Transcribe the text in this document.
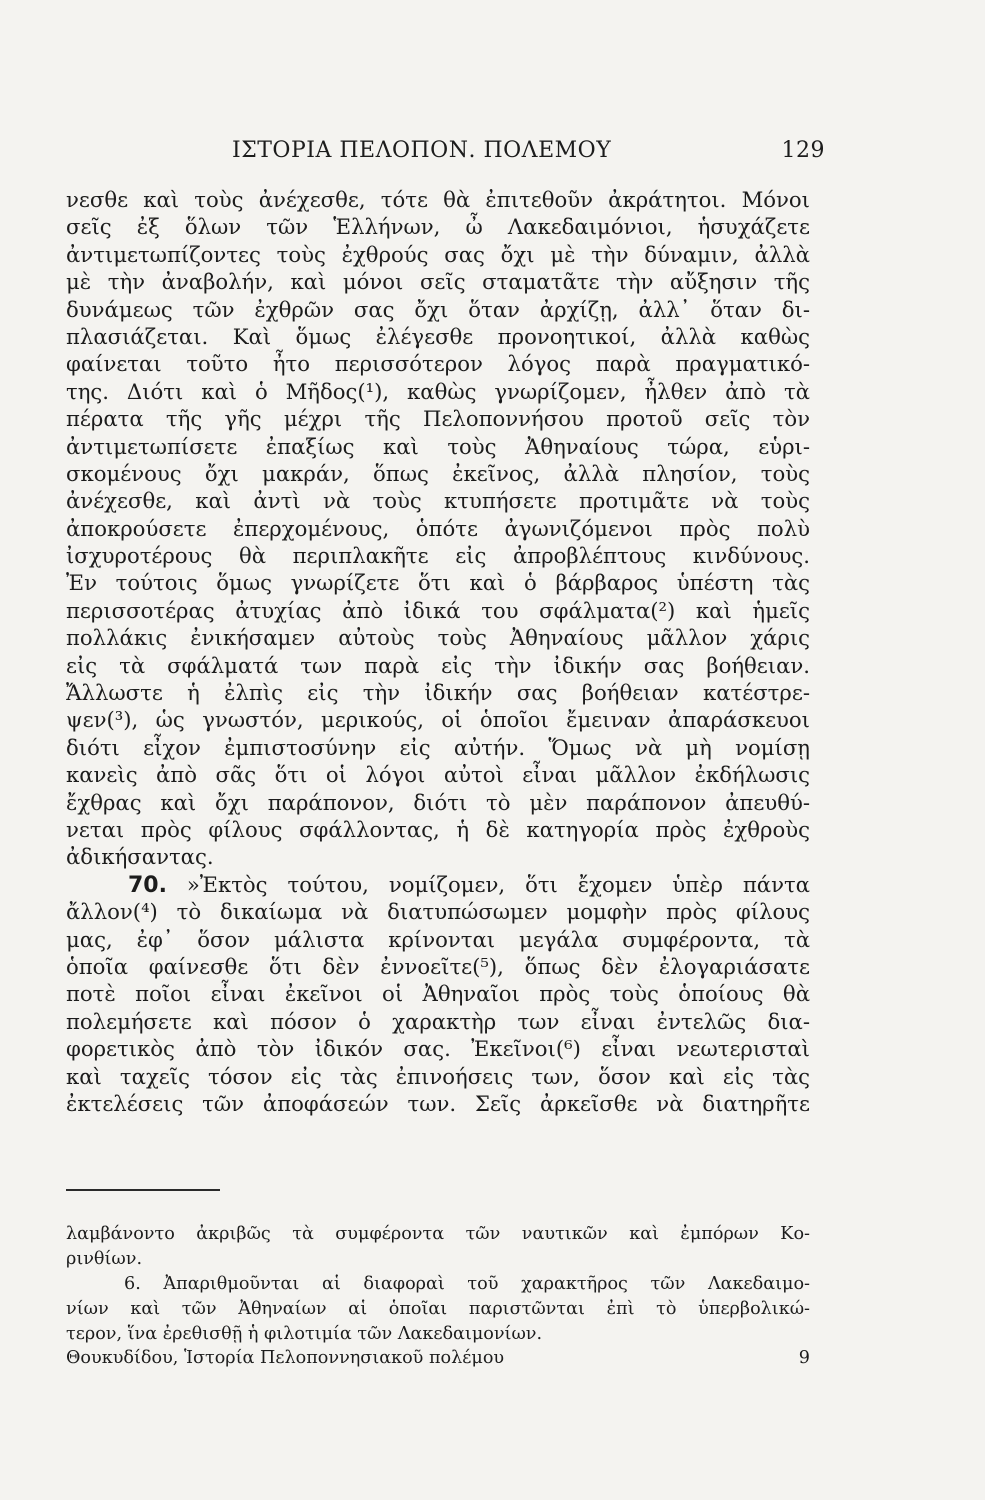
ΙΣΤΟΡΙΑ ΠΕΛΟΠΟΝ. ΠΟΛΕΜΟΥ	129
νεσθε καὶ τοὺς ἀνέχεσθε, τότε θὰ ἐπιτεθοῦν ἀκράτητοι. Μόνοι
σεῖς ἐξ ὅλων τῶν Ἑλλήνων, ὦ Λακεδαιμόνιοι, ἡσυχάζετε
ἀντιμετωπίζοντες τοὺς ἐχθρούς σας ὄχι μὲ τὴν δύναμιν, ἀλλὰ
μὲ τὴν ἀναβολήν, καὶ μόνοι σεῖς σταματᾶτε τὴν αὔξησιν τῆς
δυνάμεως τῶν ἐχθρῶν σας ὄχι ὅταν ἀρχίζῃ, ἀλλ᾽ ὅταν δι-
πλασιάζεται. Καὶ ὅμως ἐλέγεσθε προνοητικοί, ἀλλὰ καθὼς
φαίνεται τοῦτο ἦτο περισσότερον λόγος παρὰ πραγματικό-
της. Διότι καὶ ὁ Μῆδος(¹), καθὼς γνωρίζομεν, ἦλθεν ἀπὸ τὰ
πέρατα τῆς γῆς μέχρι τῆς Πελοποννήσου προτοῦ σεῖς τὸν
ἀντιμετωπίσετε ἐπαξίως καὶ τοὺς Ἀθηναίους τώρα, εὑρι-
σκομένους ὄχι μακράν, ὅπως ἐκεῖνος, ἀλλὰ πλησίον, τοὺς
ἀνέχεσθε, καὶ ἀντὶ νὰ τοὺς κτυπήσετε προτιμᾶτε νὰ τοὺς
ἀποκρούσετε ἐπερχομένους, ὁπότε ἀγωνιζόμενοι πρὸς πολὺ
ἰσχυροτέρους θὰ περιπλακῆτε εἰς ἀπροβλέπτους κινδύνους.
Ἐν τούτοις ὅμως γνωρίζετε ὅτι καὶ ὁ βάρβαρος ὑπέστη τὰς
περισσοτέρας ἀτυχίας ἀπὸ ἰδικά του σφάλματα(²) καὶ ἡμεῖς
πολλάκις ἐνικήσαμεν αὐτοὺς τοὺς Ἀθηναίους μᾶλλον χάρις
εἰς τὰ σφάλματά των παρὰ εἰς τὴν ἰδικήν σας βοήθειαν.
Ἄλλωστε ἡ ἐλπὶς εἰς τὴν ἰδικήν σας βοήθειαν κατέστρε-
ψεν(³), ὡς γνωστόν, μερικούς, οἱ ὁποῖοι ἔμειναν ἀπαράσκευοι
διότι εἶχον ἐμπιστοσύνην εἰς αὐτήν. Ὅμως νὰ μὴ νομίσῃ
κανεὶς ἀπὸ σᾶς ὅτι οἱ λόγοι αὐτοὶ εἶναι μᾶλλον ἐκδήλωσις
ἔχθρας καὶ ὄχι παράπονον, διότι τὸ μὲν παράπονον ἀπευθύ-
νεται πρὸς φίλους σφάλλοντας, ἡ δὲ κατηγορία πρὸς ἐχθροὺς
ἀδικήσαντας.
70. »Ἐκτὸς τούτου, νομίζομεν, ὅτι ἔχομεν ὑπὲρ πάντα
ἄλλον(⁴) τὸ δικαίωμα νὰ διατυπώσωμεν μομφὴν πρὸς φίλους
μας, ἐφ᾽ ὅσον μάλιστα κρίνονται μεγάλα συμφέροντα, τὰ
ὁποῖα φαίνεσθε ὅτι δὲν ἐννοεῖτε(⁵), ὅπως δὲν ἐλογαριάσατε
ποτὲ ποῖοι εἶναι ἐκεῖνοι οἱ Ἀθηναῖοι πρὸς τοὺς ὁποίους θὰ
πολεμήσετε καὶ πόσον ὁ χαρακτὴρ των εἶναι ἐντελῶς δια-
φορετικὸς ἀπὸ τὸν ἰδικόν σας. Ἐκεῖνοι(⁶) εἶναι νεωτερισταὶ
καὶ ταχεῖς τόσον εἰς τὰς ἐπινοήσεις των, ὅσον καὶ εἰς τὰς
ἐκτελέσεις τῶν ἀποφάσεών των. Σεῖς ἀρκεῖσθε νὰ διατηρῆτε
λαμβάνοντο ἀκριβῶς τὰ συμφέροντα τῶν ναυτικῶν καὶ ἐμπόρων Κο-
ρινθίων.
6. Ἀπαριθμοῦνται αἱ διαφοραὶ τοῦ χαρακτῆρος τῶν Λακεδαιμο-
νίων καὶ τῶν Ἀθηναίων αἱ ὁποῖαι παριστῶνται ἐπὶ τὸ ὑπερβολικώ-
τερον, ἵνα ἐρεθισθῇ ἡ φιλοτιμία τῶν Λακεδαιμονίων.
Θουκυδίδου, Ἱστορία Πελοποννησιακοῦ πολέμου	9
